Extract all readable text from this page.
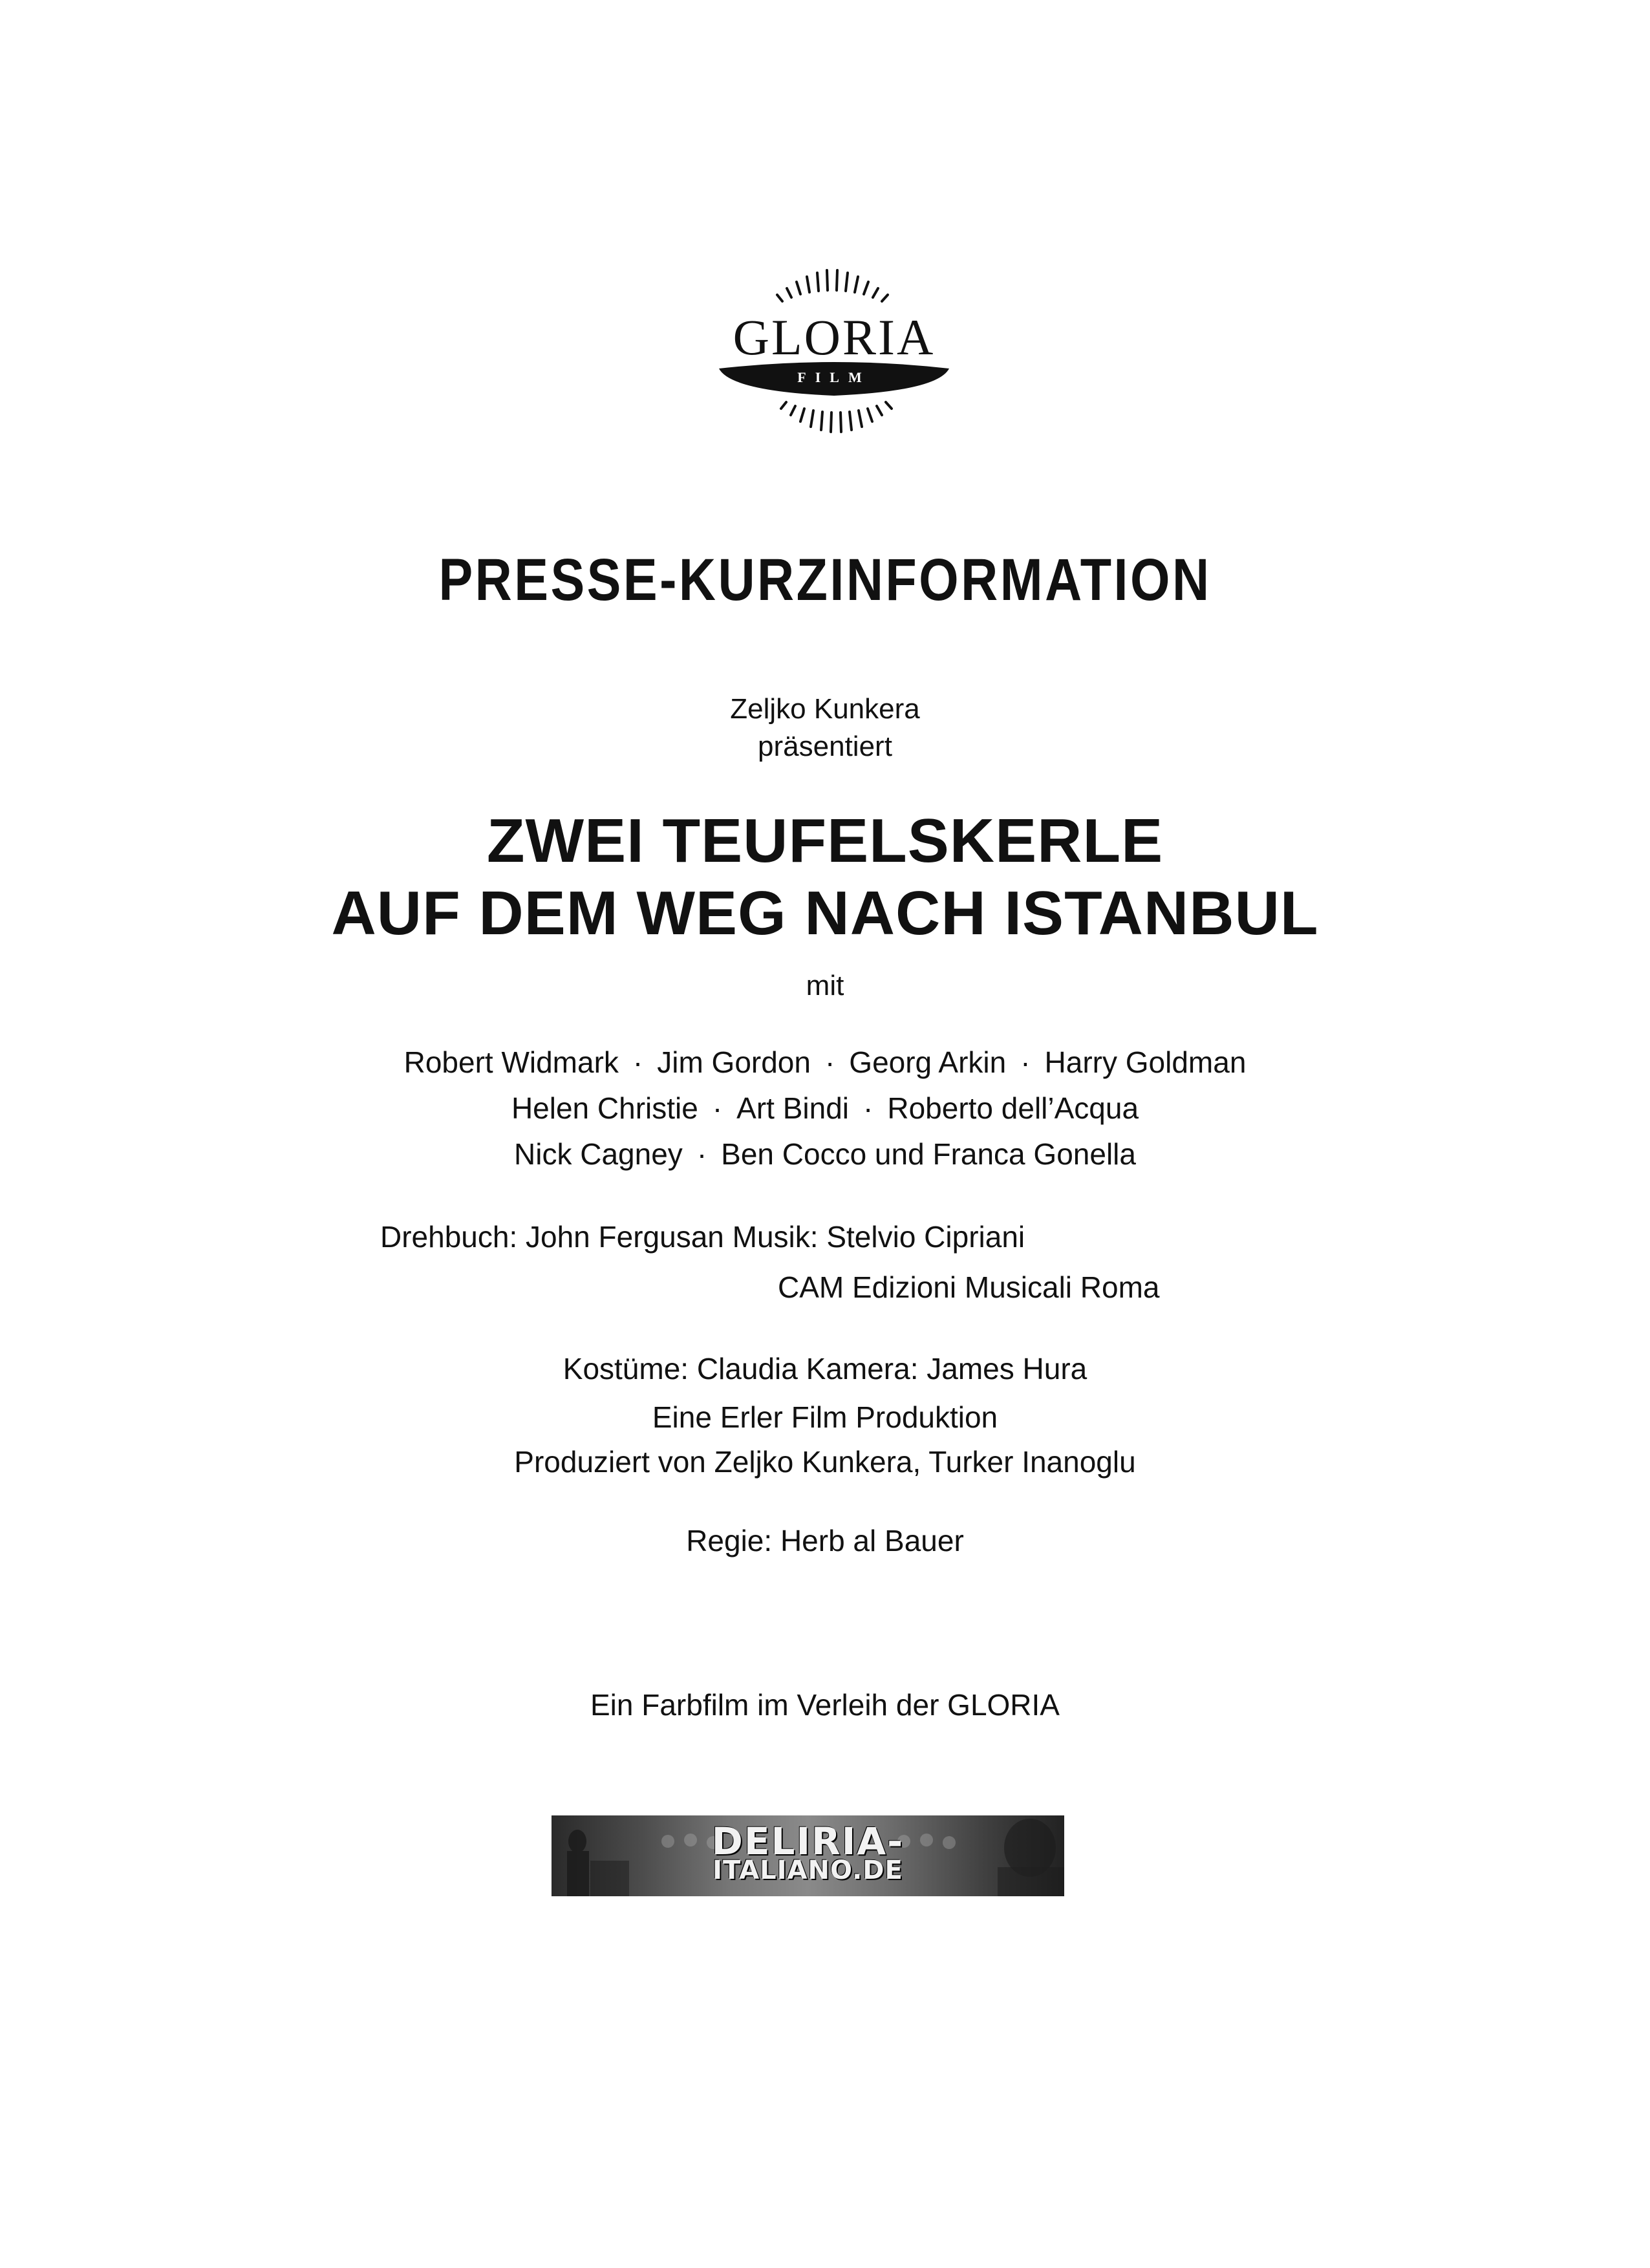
FILM
GLORIA
PRESSE-KURZINFORMATION
Zeljko Kunkera
präsentiert
ZWEI TEUFELSKERLE
AUF DEM WEG NACH ISTANBUL
mit
Robert Widmark · Jim Gordon · Georg Arkin · Harry Goldman
Helen Christie · Art Bindi · Roberto dell’Acqua
Nick Cagney · Ben Cocco und Franca Gonella
Drehbuch: John Fergusan Musik: Stelvio Cipriani
CAM Edizioni Musicali Roma
Kostüme: Claudia Kamera: James Hura
Eine Erler Film Produktion
Produziert von Zeljko Kunkera, Turker Inanoglu
Regie: Herb al Bauer
Ein Farbfilm im Verleih der GLORIA
DELIRIA-
ITALIANO.DE
